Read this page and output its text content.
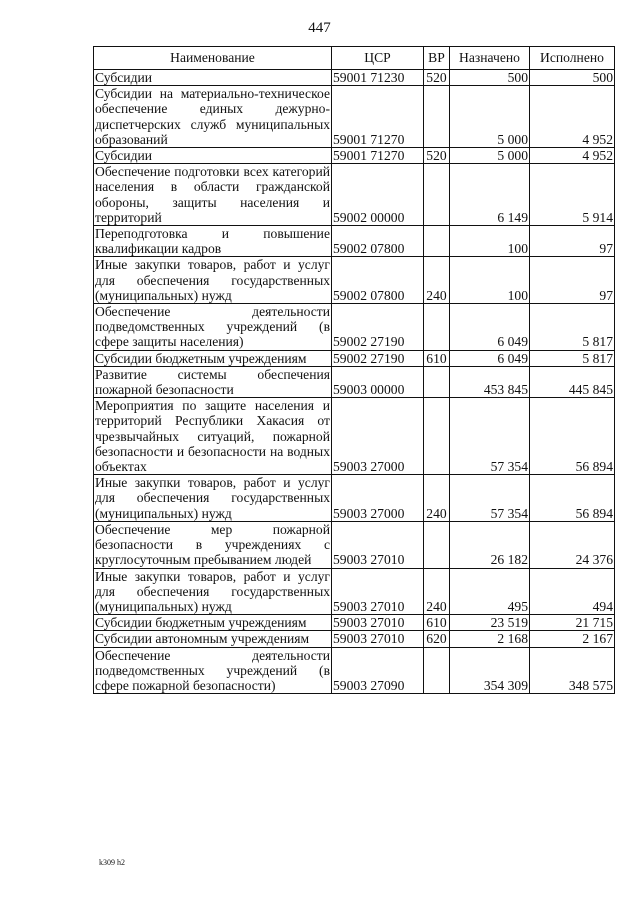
447
Наименование	ЦСР	ВР	Назначено	Исполнено
Субсидии	59001 71230	520	500	500
Субсидии на материально-техническое обеспечение единых дежурно-диспетчерских служб муниципальных образований	59001 71270		5 000	4 952
Субсидии	59001 71270	520	5 000	4 952
Обеспечение подготовки всех категорий населения в области гражданской обороны, защиты населения и территорий	59002 00000		6 149	5 914
Переподготовка и повышение квалификации кадров	59002 07800		100	97
Иные закупки товаров, работ и услуг для обеспечения государственных (муниципальных) нужд	59002 07800	240	100	97
Обеспечение деятельности подведомственных учреждений (в сфере защиты населения)	59002 27190		6 049	5 817
Субсидии бюджетным учреждениям	59002 27190	610	6 049	5 817
Развитие системы обеспечения пожарной безопасности	59003 00000		453 845	445 845
Мероприятия по защите населения и территорий Республики Хакасия от чрезвычайных ситуаций, пожарной безопасности и безопасности на водных объектах	59003 27000		57 354	56 894
Иные закупки товаров, работ и услуг для обеспечения государственных (муниципальных) нужд	59003 27000	240	57 354	56 894
Обеспечение мер пожарной безопасности в учреждениях с круглосуточным пребыванием людей	59003 27010		26 182	24 376
Иные закупки товаров, работ и услуг для обеспечения государственных (муниципальных) нужд	59003 27010	240	495	494
Субсидии бюджетным учреждениям	59003 27010	610	23 519	21 715
Субсидии автономным учреждениям	59003 27010	620	2 168	2 167
Обеспечение деятельности подведомственных учреждений (в сфере пожарной безопасности)	59003 27090		354 309	348 575
k309 h2
